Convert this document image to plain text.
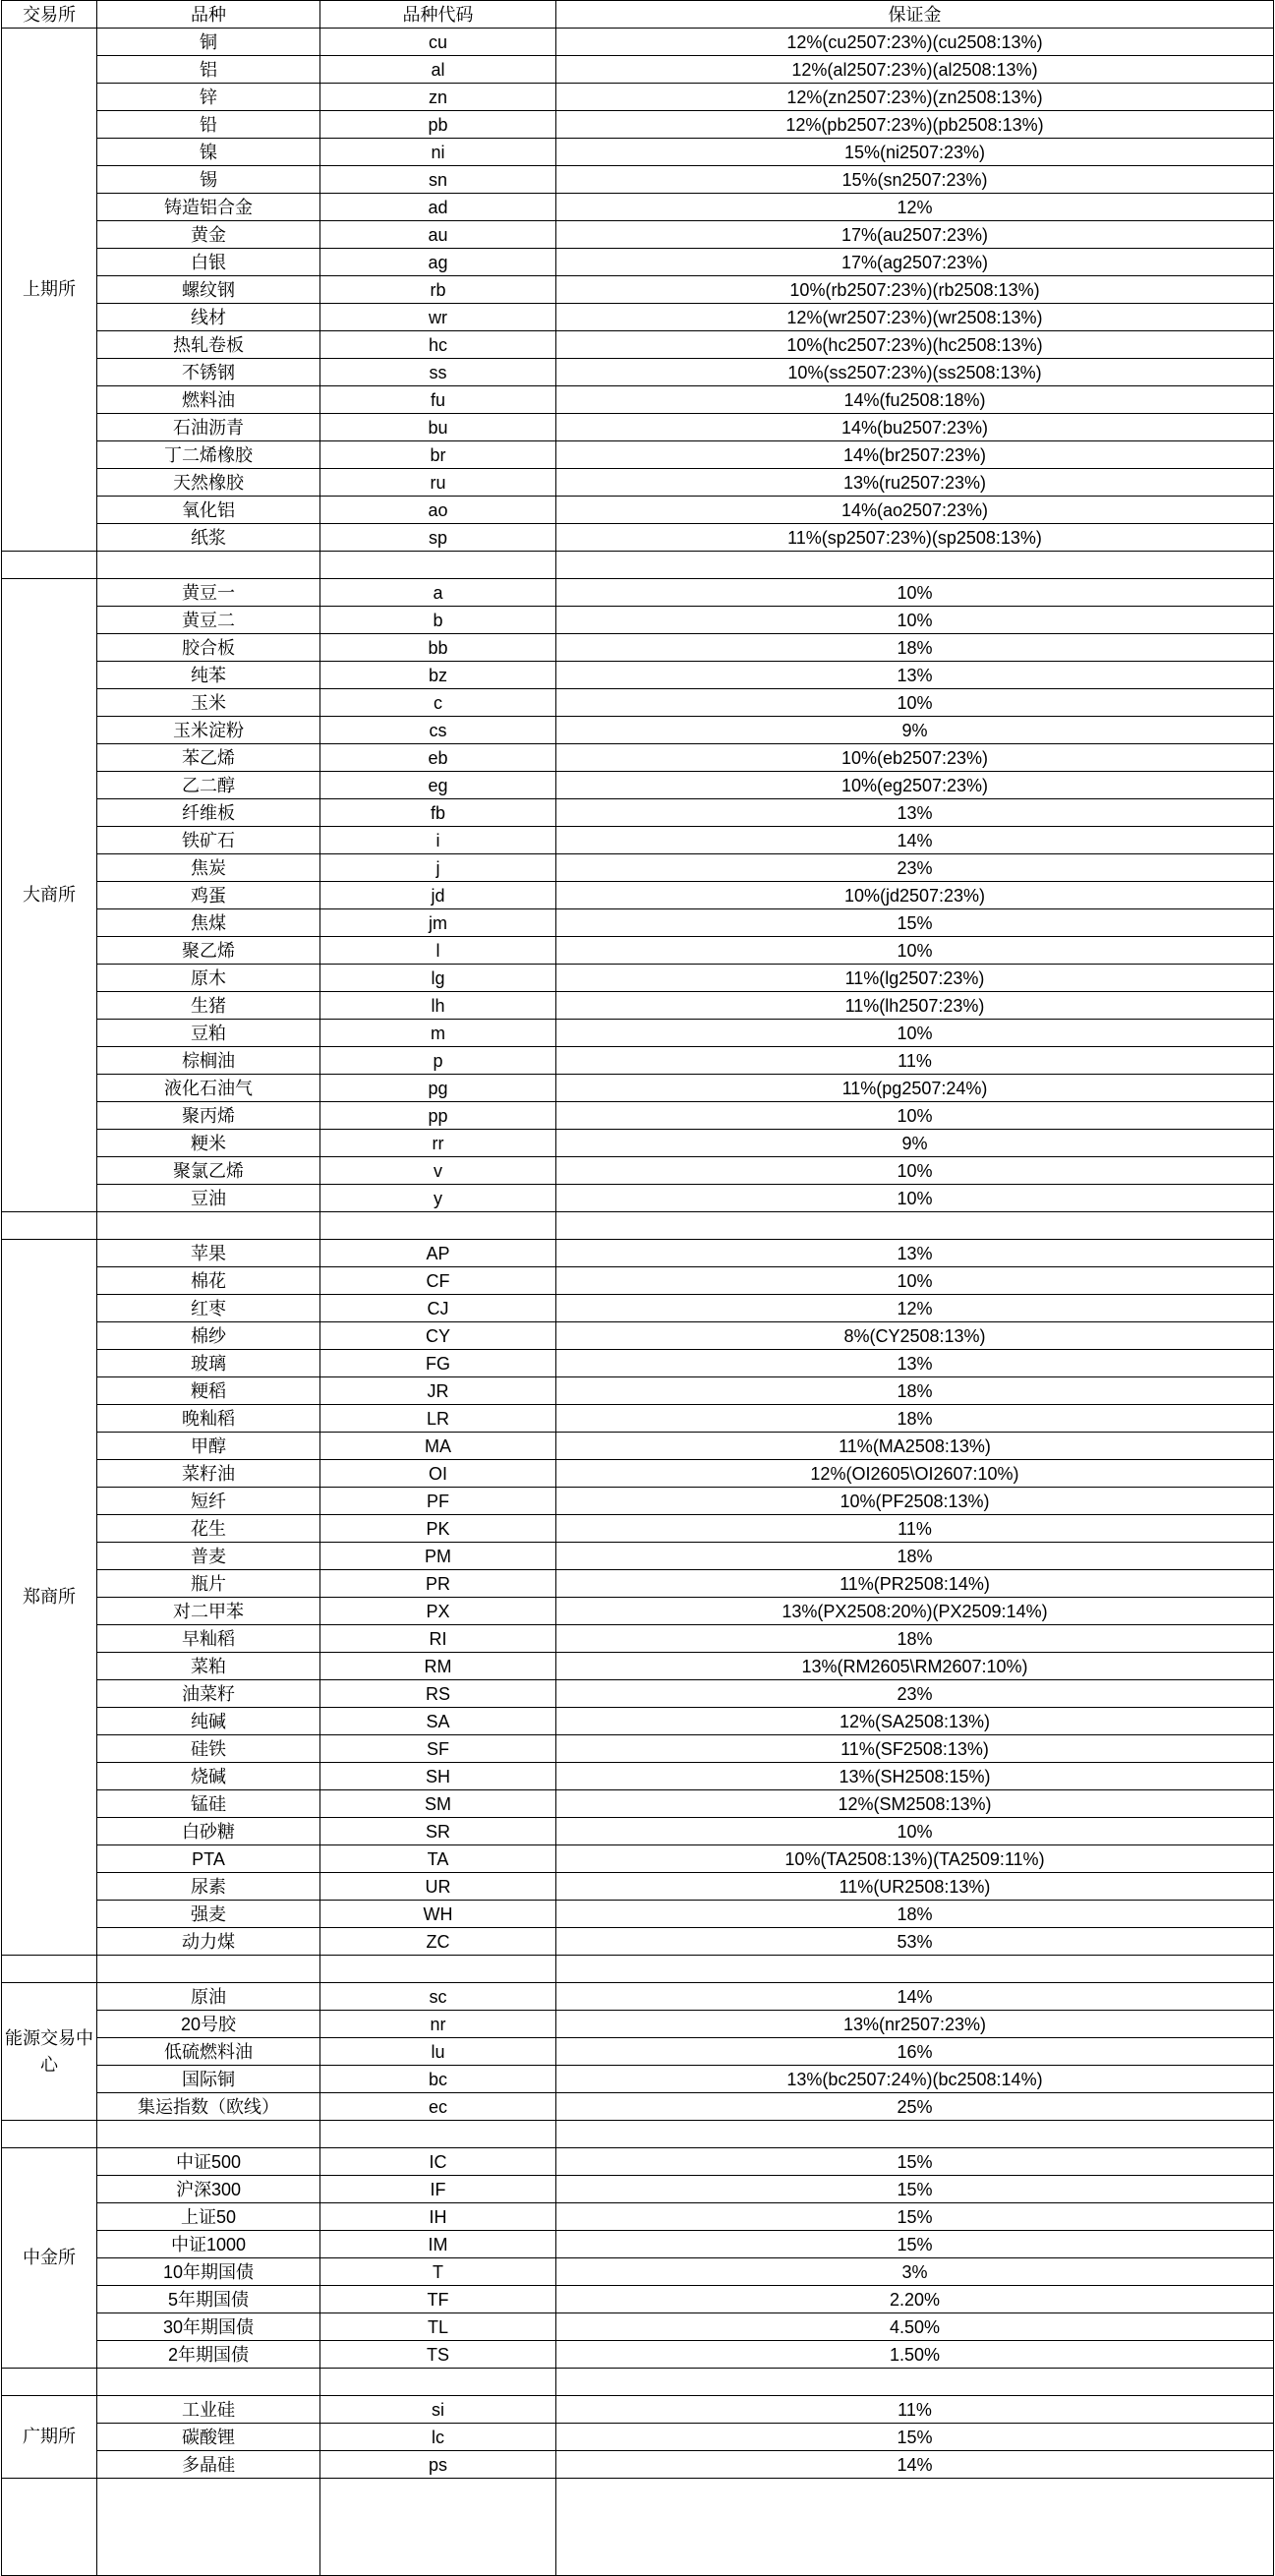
交易所	品种	品种代码	保证金
上期所	铜	cu	12%(cu2507:23%)(cu2508:13%)
	铝	al	12%(al2507:23%)(al2508:13%)
	锌	zn	12%(zn2507:23%)(zn2508:13%)
	铅	pb	12%(pb2507:23%)(pb2508:13%)
	镍	ni	15%(ni2507:23%)
	锡	sn	15%(sn2507:23%)
	铸造铝合金	ad	12%
	黄金	au	17%(au2507:23%)
	白银	ag	17%(ag2507:23%)
	螺纹钢	rb	10%(rb2507:23%)(rb2508:13%)
	线材	wr	12%(wr2507:23%)(wr2508:13%)
	热轧卷板	hc	10%(hc2507:23%)(hc2508:13%)
	不锈钢	ss	10%(ss2507:23%)(ss2508:13%)
	燃料油	fu	14%(fu2508:18%)
	石油沥青	bu	14%(bu2507:23%)
	丁二烯橡胶	br	14%(br2507:23%)
	天然橡胶	ru	13%(ru2507:23%)
	氧化铝	ao	14%(ao2507:23%)
	纸浆	sp	11%(sp2507:23%)(sp2508:13%)

大商所	黄豆一	a	10%
	黄豆二	b	10%
	胶合板	bb	18%
	纯苯	bz	13%
	玉米	c	10%
	玉米淀粉	cs	9%
	苯乙烯	eb	10%(eb2507:23%)
	乙二醇	eg	10%(eg2507:23%)
	纤维板	fb	13%
	铁矿石	i	14%
	焦炭	j	23%
	鸡蛋	jd	10%(jd2507:23%)
	焦煤	jm	15%
	聚乙烯	l	10%
	原木	lg	11%(lg2507:23%)
	生猪	lh	11%(lh2507:23%)
	豆粕	m	10%
	棕榈油	p	11%
	液化石油气	pg	11%(pg2507:24%)
	聚丙烯	pp	10%
	粳米	rr	9%
	聚氯乙烯	v	10%
	豆油	y	10%

郑商所	苹果	AP	13%
	棉花	CF	10%
	红枣	CJ	12%
	棉纱	CY	8%(CY2508:13%)
	玻璃	FG	13%
	粳稻	JR	18%
	晚籼稻	LR	18%
	甲醇	MA	11%(MA2508:13%)
	菜籽油	OI	12%(OI2605\OI2607:10%)
	短纤	PF	10%(PF2508:13%)
	花生	PK	11%
	普麦	PM	18%
	瓶片	PR	11%(PR2508:14%)
	对二甲苯	PX	13%(PX2508:20%)(PX2509:14%)
	早籼稻	RI	18%
	菜粕	RM	13%(RM2605\RM2607:10%)
	油菜籽	RS	23%
	纯碱	SA	12%(SA2508:13%)
	硅铁	SF	11%(SF2508:13%)
	烧碱	SH	13%(SH2508:15%)
	锰硅	SM	12%(SM2508:13%)
	白砂糖	SR	10%
	PTA	TA	10%(TA2508:13%)(TA2509:11%)
	尿素	UR	11%(UR2508:13%)
	强麦	WH	18%
	动力煤	ZC	53%

能源交易中心	原油	sc	14%
	20号胶	nr	13%(nr2507:23%)
	低硫燃料油	lu	16%
	国际铜	bc	13%(bc2507:24%)(bc2508:14%)
	集运指数（欧线）	ec	25%

中金所	中证500	IC	15%
	沪深300	IF	15%
	上证50	IH	15%
	中证1000	IM	15%
	10年期国债	T	3%
	5年期国债	TF	2.20%
	30年期国债	TL	4.50%
	2年期国债	TS	1.50%

广期所	工业硅	si	11%
	碳酸锂	lc	15%
	多晶硅	ps	14%
